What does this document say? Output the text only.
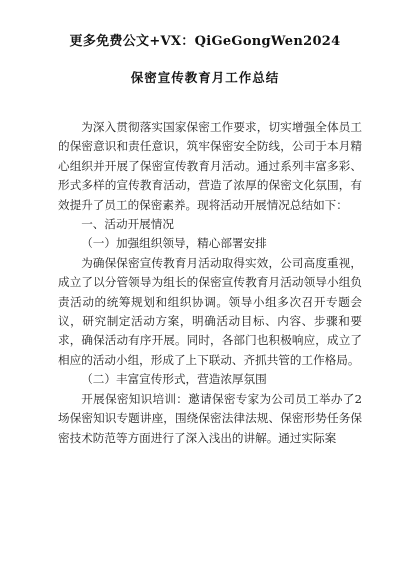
更多免费公文+VX：QiGeGongWen2024
保密宣传教育月工作总结

为深入贯彻落实国家保密工作要求，切实增强全体员工的保密意识和责任意识，筑牢保密安全防线，公司于本月精心组织并开展了保密宣传教育月活动。通过系列丰富多彩、形式多样的宣传教育活动，营造了浓厚的保密文化氛围，有效提升了员工的保密素养。现将活动开展情况总结如下：

一、活动开展情况

（一）加强组织领导，精心部署安排

为确保保密宣传教育月活动取得实效，公司高度重视，成立了以分管领导为组长的保密宣传教育月活动领导小组负责活动的统筹规划和组织协调。领导小组多次召开专题会议，研究制定活动方案，明确活动目标、内容、步骤和要求，确保活动有序开展。同时，各部门也积极响应，成立了相应的活动小组，形成了上下联动、齐抓共管的工作格局。

（二）丰富宣传形式，营造浓厚氛围

开展保密知识培训：邀请保密专家为公司员工举办了2场保密知识专题讲座，围绕保密法律法规、保密形势任务保密技术防范等方面进行了深入浅出的讲解。通过实际案
